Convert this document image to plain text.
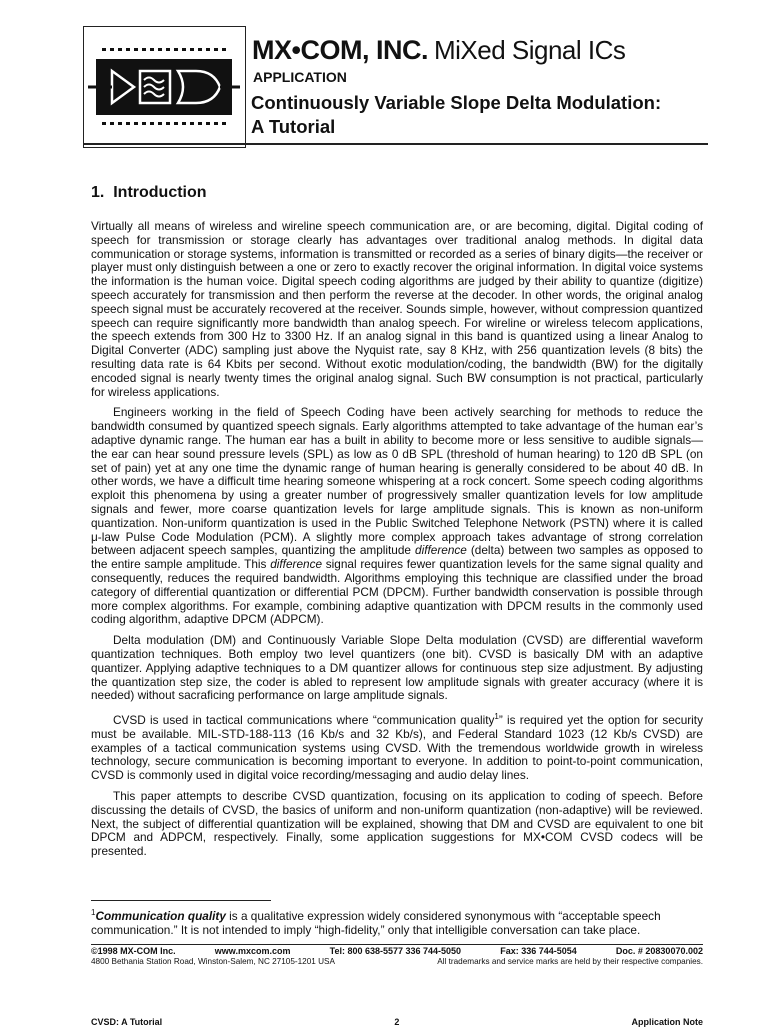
MX•COM, INC. MiXed Signal ICs
APPLICATION
Continuously Variable Slope Delta Modulation:
A Tutorial
1. Introduction

Virtually all means of wireless and wireline speech communication are, or are becoming, digital. Digital coding of speech for transmission or storage clearly has advantages over traditional analog methods. In digital data communication or storage systems, information is transmitted or recorded as a series of binary digits—the receiver or player must only distinguish between a one or zero to exactly recover the original information. In digital voice systems the information is the human voice. Digital speech coding algorithms are judged by their ability to quantize (digitize) speech accurately for transmission and then perform the reverse at the decoder. In other words, the original analog speech signal must be accurately recovered at the receiver. Sounds simple, however, without compression quantized speech can require significantly more bandwidth than analog speech. For wireline or wireless telecom applications, the speech extends from 300 Hz to 3300 Hz. If an analog signal in this band is quantized using a linear Analog to Digital Converter (ADC) sampling just above the Nyquist rate, say 8 KHz, with 256 quantization levels (8 bits) the resulting data rate is 64 Kbits per second. Without exotic modulation/coding, the bandwidth (BW) for the digitally encoded signal is nearly twenty times the original analog signal. Such BW consumption is not practical, particularly for wireless applications.

Engineers working in the field of Speech Coding have been actively searching for methods to reduce the bandwidth consumed by quantized speech signals. Early algorithms attempted to take advantage of the human ear’s adaptive dynamic range. The human ear has a built in ability to become more or less sensitive to audible signals—the ear can hear sound pressure levels (SPL) as low as 0 dB SPL (threshold of human hearing) to 120 dB SPL (on set of pain) yet at any one time the dynamic range of human hearing is generally considered to be about 40 dB. In other words, we have a difficult time hearing someone whispering at a rock concert. Some speech coding algorithms exploit this phenomena by using a greater number of progressively smaller quantization levels for low amplitude signals and fewer, more coarse quantization levels for large amplitude signals. This is known as non-uniform quantization. Non-uniform quantization is used in the Public Switched Telephone Network (PSTN) where it is called μ-law Pulse Code Modulation (PCM). A slightly more complex approach takes advantage of strong correlation between adjacent speech samples, quantizing the amplitude difference (delta) between two samples as opposed to the entire sample amplitude. This difference signal requires fewer quantization levels for the same signal quality and consequently, reduces the required bandwidth. Algorithms employing this technique are classified under the broad category of differential quantization or differential PCM (DPCM). Further bandwidth conservation is possible through more complex algorithms. For example, combining adaptive quantization with DPCM results in the commonly used coding algorithm, adaptive DPCM (ADPCM).

Delta modulation (DM) and Continuously Variable Slope Delta modulation (CVSD) are differential waveform quantization techniques. Both employ two level quantizers (one bit). CVSD is basically DM with an adaptive quantizer. Applying adaptive techniques to a DM quantizer allows for continuous step size adjustment. By adjusting the quantization step size, the coder is abled to represent low amplitude signals with greater accuracy (where it is needed) without sacraficing performance on large amplitude signals.

CVSD is used in tactical communications where “communication quality$^1$” is required yet the option for security must be available. MIL-STD-188-113 (16 Kb/s and 32 Kb/s), and Federal Standard 1023 (12 Kb/s CVSD) are examples of a tactical communication systems using CVSD. With the tremendous worldwide growth in wireless technology, secure communication is becoming important to everyone. In addition to point-to-point communication, CVSD is commonly used in digital voice recording/messaging and audio delay lines.

This paper attempts to describe CVSD quantization, focusing on its application to coding of speech. Before discussing the details of CVSD, the basics of uniform and non-uniform quantization (non-adaptive) will be reviewed. Next, the subject of differential quantization will be explained, showing that DM and CVSD are equivalent to one bit DPCM and ADPCM, respectively. Finally, some application suggestions for MX•COM CVSD codecs will be presented.

$^1$Communication quality is a qualitative expression widely considered synonymous with “acceptable speech communication.” It is not intended to imply “high-fidelity,” only that intelligible conversation can take place.
©1998 MX-COM Inc.	www.mxcom.com	Tel: 800 638-5577 336 744-5050	Fax: 336 744-5054	Doc. # 20830070.002
4800 Bethania Station Road, Winston-Salem, NC 27105-1201 USA	All trademarks and service marks are held by their respective companies.
CVSD: A Tutorial	2	Application Note
